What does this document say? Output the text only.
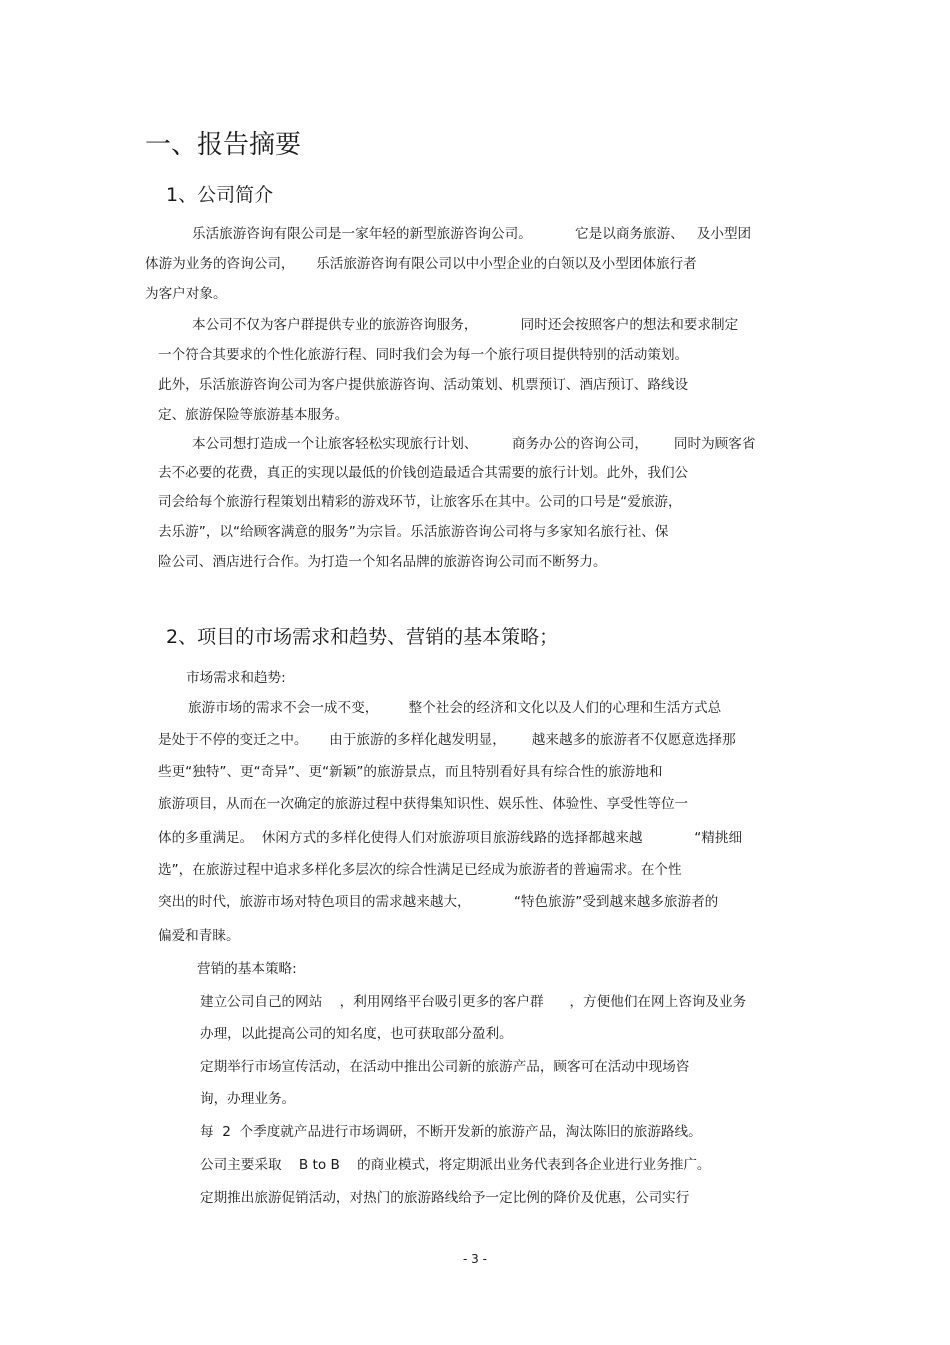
一、报告摘要
1、公司简介
乐活旅游咨询有限公司是一家年轻的新型旅游咨询公司。          它是以商务旅游、   及小型团
体游为业务的咨询公司，     乐活旅游咨询有限公司以中小型企业的白领以及小型团体旅行者
为客户对象。
本公司不仅为客户群提供专业的旅游咨询服务，          同时还会按照客户的想法和要求制定
一个符合其要求的个性化旅游行程、同时我们会为每一个旅行项目提供特别的活动策划。
此外，乐活旅游咨询公司为客户提供旅游咨询、活动策划、机票预订、酒店预订、路线设
定、旅游保险等旅游基本服务。
本公司想打造成一个让旅客轻松实现旅行计划、        商务办公的咨询公司，      同时为顾客省
去不必要的花费，真正的实现以最低的价钱创造最适合其需要的旅行计划。此外，我们公
司会给每个旅游行程策划出精彩的游戏环节，让旅客乐在其中。公司的口号是“爱旅游，
去乐游”，以“给顾客满意的服务”为宗旨。乐活旅游咨询公司将与多家知名旅行社、保
险公司、酒店进行合作。为打造一个知名品牌的旅游咨询公司而不断努力。
2、项目的市场需求和趋势、营销的基本策略；
市场需求和趋势:
旅游市场的需求不会一成不变，       整个社会的经济和文化以及人们的心理和生活方式总
是处于不停的变迁之中。     由于旅游的多样化越发明显，      越来越多的旅游者不仅愿意选择那
些更“独特”、更“奇异”、更“新颖”的旅游景点，而且特别看好具有综合性的旅游地和
旅游项目，从而在一次确定的旅游过程中获得集知识性、娱乐性、体验性、享受性等位一
体的多重满足。  休闲方式的多样化使得人们对旅游项目旅游线路的选择都越来越            “精挑细
选”，在旅游过程中追求多样化多层次的综合性满足已经成为旅游者的普遍需求。在个性
突出的时代，旅游市场对特色项目的需求越来越大，          “特色旅游”受到越来越多旅游者的
偏爱和青睐。
营销的基本策略:
建立公司自己的网站    ，利用网络平台吸引更多的客户群      ，方便他们在网上咨询及业务
办理，以此提高公司的知名度，也可获取部分盈利。
定期举行市场宣传活动，在活动中推出公司新的旅游产品，顾客可在活动中现场咨
询，办理业务。
每  2  个季度就产品进行市场调研，不断开发新的旅游产品，淘汰陈旧的旅游路线。
公司主要采取    B to B    的商业模式，将定期派出业务代表到各企业进行业务推广。
定期推出旅游促销活动，对热门的旅游路线给予一定比例的降价及优惠，公司实行
- 3 -
